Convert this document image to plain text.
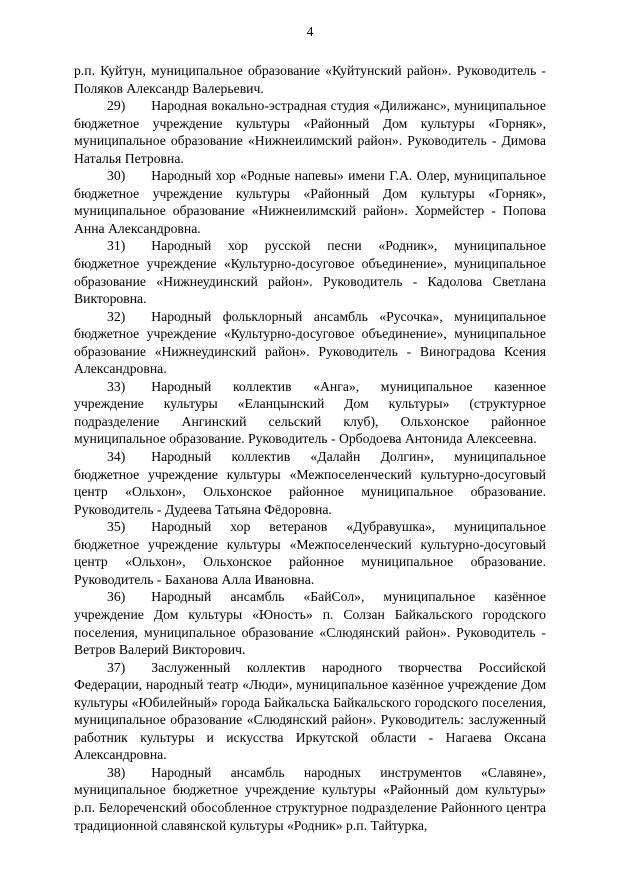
4

р.п. Куйтун, муниципальное образование «Куйтунский район». Руководитель - Поляков Александр Валерьевич.

29) Народная вокально-эстрадная студия «Дилижанс», муниципальное бюджетное учреждение культуры «Районный Дом культуры «Горняк», муниципальное образование «Нижнеилимский район». Руководитель - Димова Наталья Петровна.

30) Народный хор «Родные напевы» имени Г.А. Олер, муниципальное бюджетное учреждение культуры «Районный Дом культуры «Горняк», муниципальное образование «Нижнеилимский район». Хормейстер - Попова Анна Александровна.

31) Народный хор русской песни «Родник», муниципальное бюджетное учреждение «Культурно-досуговое объединение», муниципальное образование «Нижнеудинский район». Руководитель - Кадолова Светлана Викторовна.

32) Народный фольклорный ансамбль «Русочка», муниципальное бюджетное учреждение «Культурно-досуговое объединение», муниципальное образование «Нижнеудинский район». Руководитель - Виноградова Ксения Александровна.

33) Народный коллектив «Анга», муниципальное казенное учреждение культуры «Еланцынский Дом культуры» (структурное подразделение Ангинский сельский клуб), Ольхонское районное муниципальное образование. Руководитель - Орбодоева Антонида Алексеевна.

34) Народный коллектив «Далайн Долгин», муниципальное бюджетное учреждение культуры «Межпоселенческий культурно-досуговый центр «Ольхон», Ольхонское районное муниципальное образование. Руководитель - Дудеева Татьяна Фёдоровна.

35) Народный хор ветеранов «Дубравушка», муниципальное бюджетное учреждение культуры «Межпоселенческий культурно-досуговый центр «Ольхон», Ольхонское районное муниципальное образование. Руководитель - Баханова Алла Ивановна.

36) Народный ансамбль «БайСол», муниципальное казённое учреждение Дом культуры «Юность» п. Солзан Байкальского городского поселения, муниципальное образование «Слюдянский район». Руководитель - Ветров Валерий Викторович.

37) Заслуженный коллектив народного творчества Российской Федерации, народный театр «Люди», муниципальное казённое учреждение Дом культуры «Юбилейный» города Байкальска Байкальского городского поселения, муниципальное образование «Слюдянский район». Руководитель: заслуженный работник культуры и искусства Иркутской области - Нагаева Оксана Александровна.

38) Народный ансамбль народных инструментов «Славяне», муниципальное бюджетное учреждение культуры «Районный дом культуры» р.п. Белореченский обособленное структурное подразделение Районного центра традиционной славянской культуры «Родник» р.п. Тайтурка,
